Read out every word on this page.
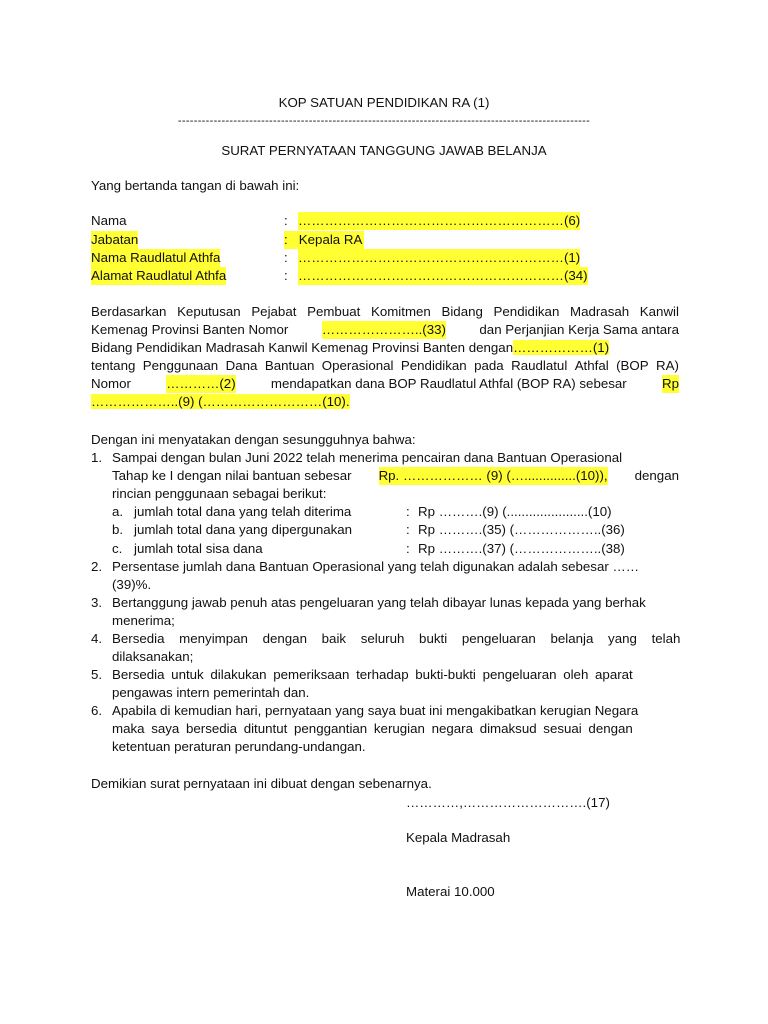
KOP SATUAN PENDIDIKAN RA (1)
--------------------------------------------------------------------------------------------------------
SURAT PERNYATAAN TANGGUNG JAWAB BELANJA
Yang bertanda tangan di bawah ini:
Nama	: ……………………………………………………(6)
Jabatan	: Kepala RA
Nama Raudlatul Athfa	: ……………………………………………………(1)
Alamat Raudlatul Athfa	: ……………………………………………………(34)
Berdasarkan Keputusan Pejabat Pembuat Komitmen Bidang Pendidikan Madrasah Kanwil
Kemenag Provinsi Banten Nomor	…………………..(33)	dan Perjanjian Kerja Sama antara
Bidang Pendidikan Madrasah Kanwil Kemenag Provinsi Banten dengan………………(1)
tentang Penggunaan Dana Bantuan Operasional Pendidikan pada Raudlatul Athfal (BOP RA)
Nomor	…………(2)	mendapatkan dana BOP Raudlatul Athfal (BOP RA) sebesar	Rp
………………..(9) (………………………(10).
Dengan ini menyatakan dengan sesungguhnya bahwa:
1. Sampai dengan bulan Juni 2022 telah menerima pencairan dana Bantuan Operasional
Tahap ke I dengan nilai bantuan sebesar Rp. ……………… (9) (…..............(10)), dengan
rincian penggunaan sebagai berikut:
a. jumlah total dana yang telah diterima	: Rp ……….(9) (......................(10)
b. jumlah total dana yang dipergunakan	: Rp ……….(35) (………………..(36)
c. jumlah total sisa dana	: Rp ……….(37) (………………..(38)
2. Persentase jumlah dana Bantuan Operasional yang telah digunakan adalah sebesar ……
(39)%.
3. Bertanggung jawab penuh atas pengeluaran yang telah dibayar lunas kepada yang berhak
menerima;
4. Bersedia menyimpan dengan baik seluruh bukti pengeluaran belanja yang telah
dilaksanakan;
5. Bersedia untuk dilakukan pemeriksaan terhadap bukti-bukti pengeluaran oleh aparat
pengawas intern pemerintah dan.
6. Apabila di kemudian hari, pernyataan yang saya buat ini mengakibatkan kerugian Negara
maka saya bersedia dituntut penggantian kerugian negara dimaksud sesuai dengan
ketentuan peraturan perundang-undangan.
Demikian surat pernyataan ini dibuat dengan sebenarnya.
…………,……………………….(17)
Kepala Madrasah
Materai 10.000
